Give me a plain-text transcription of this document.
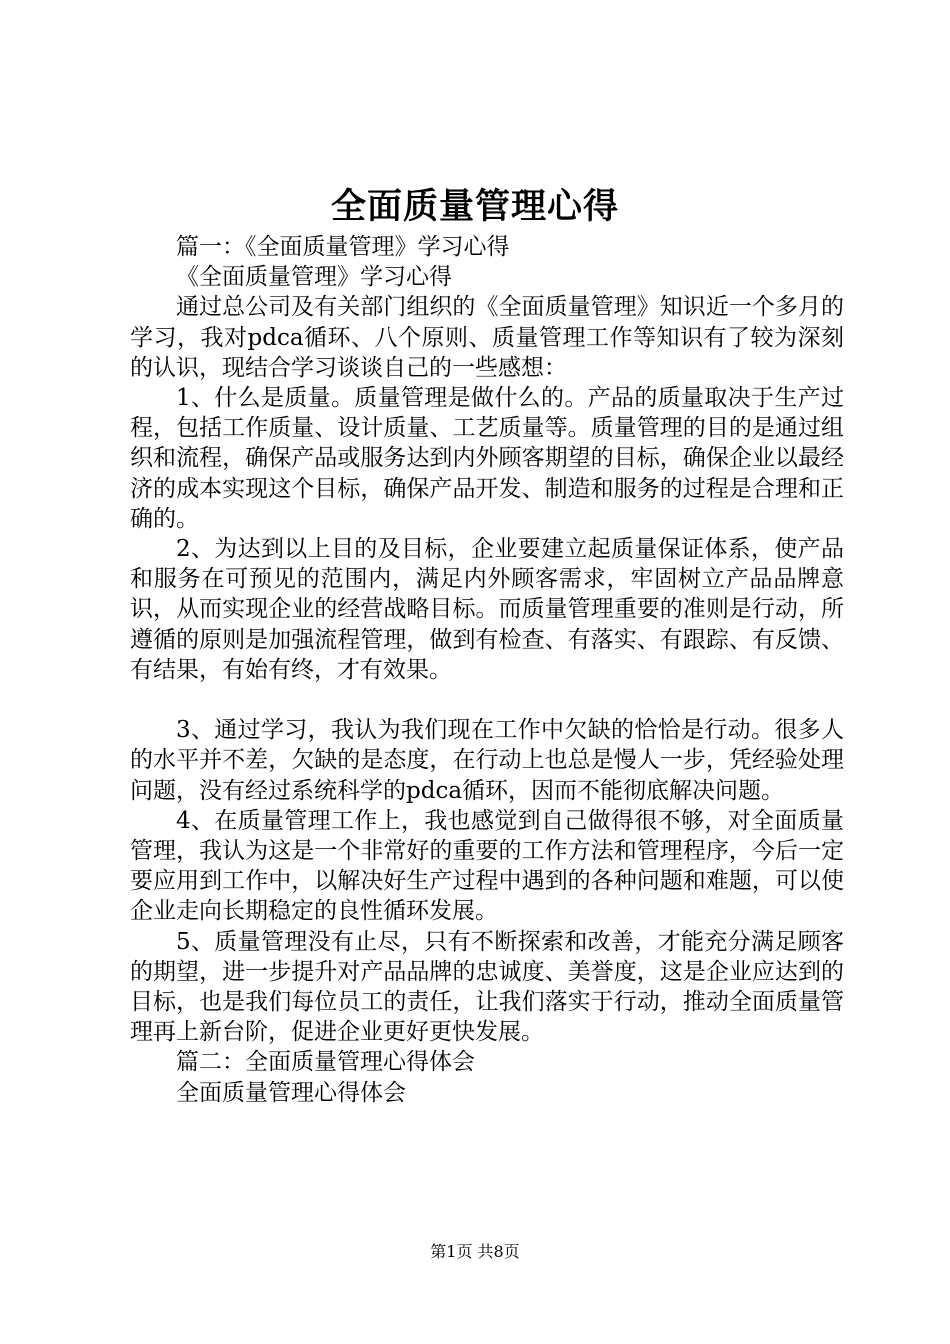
全面质量管理心得

篇一：《全面质量管理》学习心得

《全面质量管理》学习心得

通过总公司及有关部门组织的《全面质量管理》知识近一个多月的学习，我对pdca循环、八个原则、质量管理工作等知识有了较为深刻的认识，现结合学习谈谈自己的一些感想：

1、什么是质量。质量管理是做什么的。产品的质量取决于生产过程，包括工作质量、设计质量、工艺质量等。质量管理的目的是通过组织和流程，确保产品或服务达到内外顾客期望的目标，确保企业以最经济的成本实现这个目标，确保产品开发、制造和服务的过程是合理和正确的。

2、为达到以上目的及目标，企业要建立起质量保证体系，使产品和服务在可预见的范围内，满足内外顾客需求，牢固树立产品品牌意识，从而实现企业的经营战略目标。而质量管理重要的准则是行动，所遵循的原则是加强流程管理，做到有检查、有落实、有跟踪、有反馈、有结果，有始有终，才有效果。

3、通过学习，我认为我们现在工作中欠缺的恰恰是行动。很多人的水平并不差，欠缺的是态度，在行动上也总是慢人一步，凭经验处理问题，没有经过系统科学的pdca循环，因而不能彻底解决问题。

4、在质量管理工作上，我也感觉到自己做得很不够，对全面质量管理，我认为这是一个非常好的重要的工作方法和管理程序，今后一定要应用到工作中，以解决好生产过程中遇到的各种问题和难题，可以使企业走向长期稳定的良性循环发展。

5、质量管理没有止尽，只有不断探索和改善，才能充分满足顾客的期望，进一步提升对产品品牌的忠诚度、美誉度，这是企业应达到的目标，也是我们每位员工的责任，让我们落实于行动，推动全面质量管理再上新台阶，促进企业更好更快发展。

篇二：全面质量管理心得体会

全面质量管理心得体会

第1页 共8页
